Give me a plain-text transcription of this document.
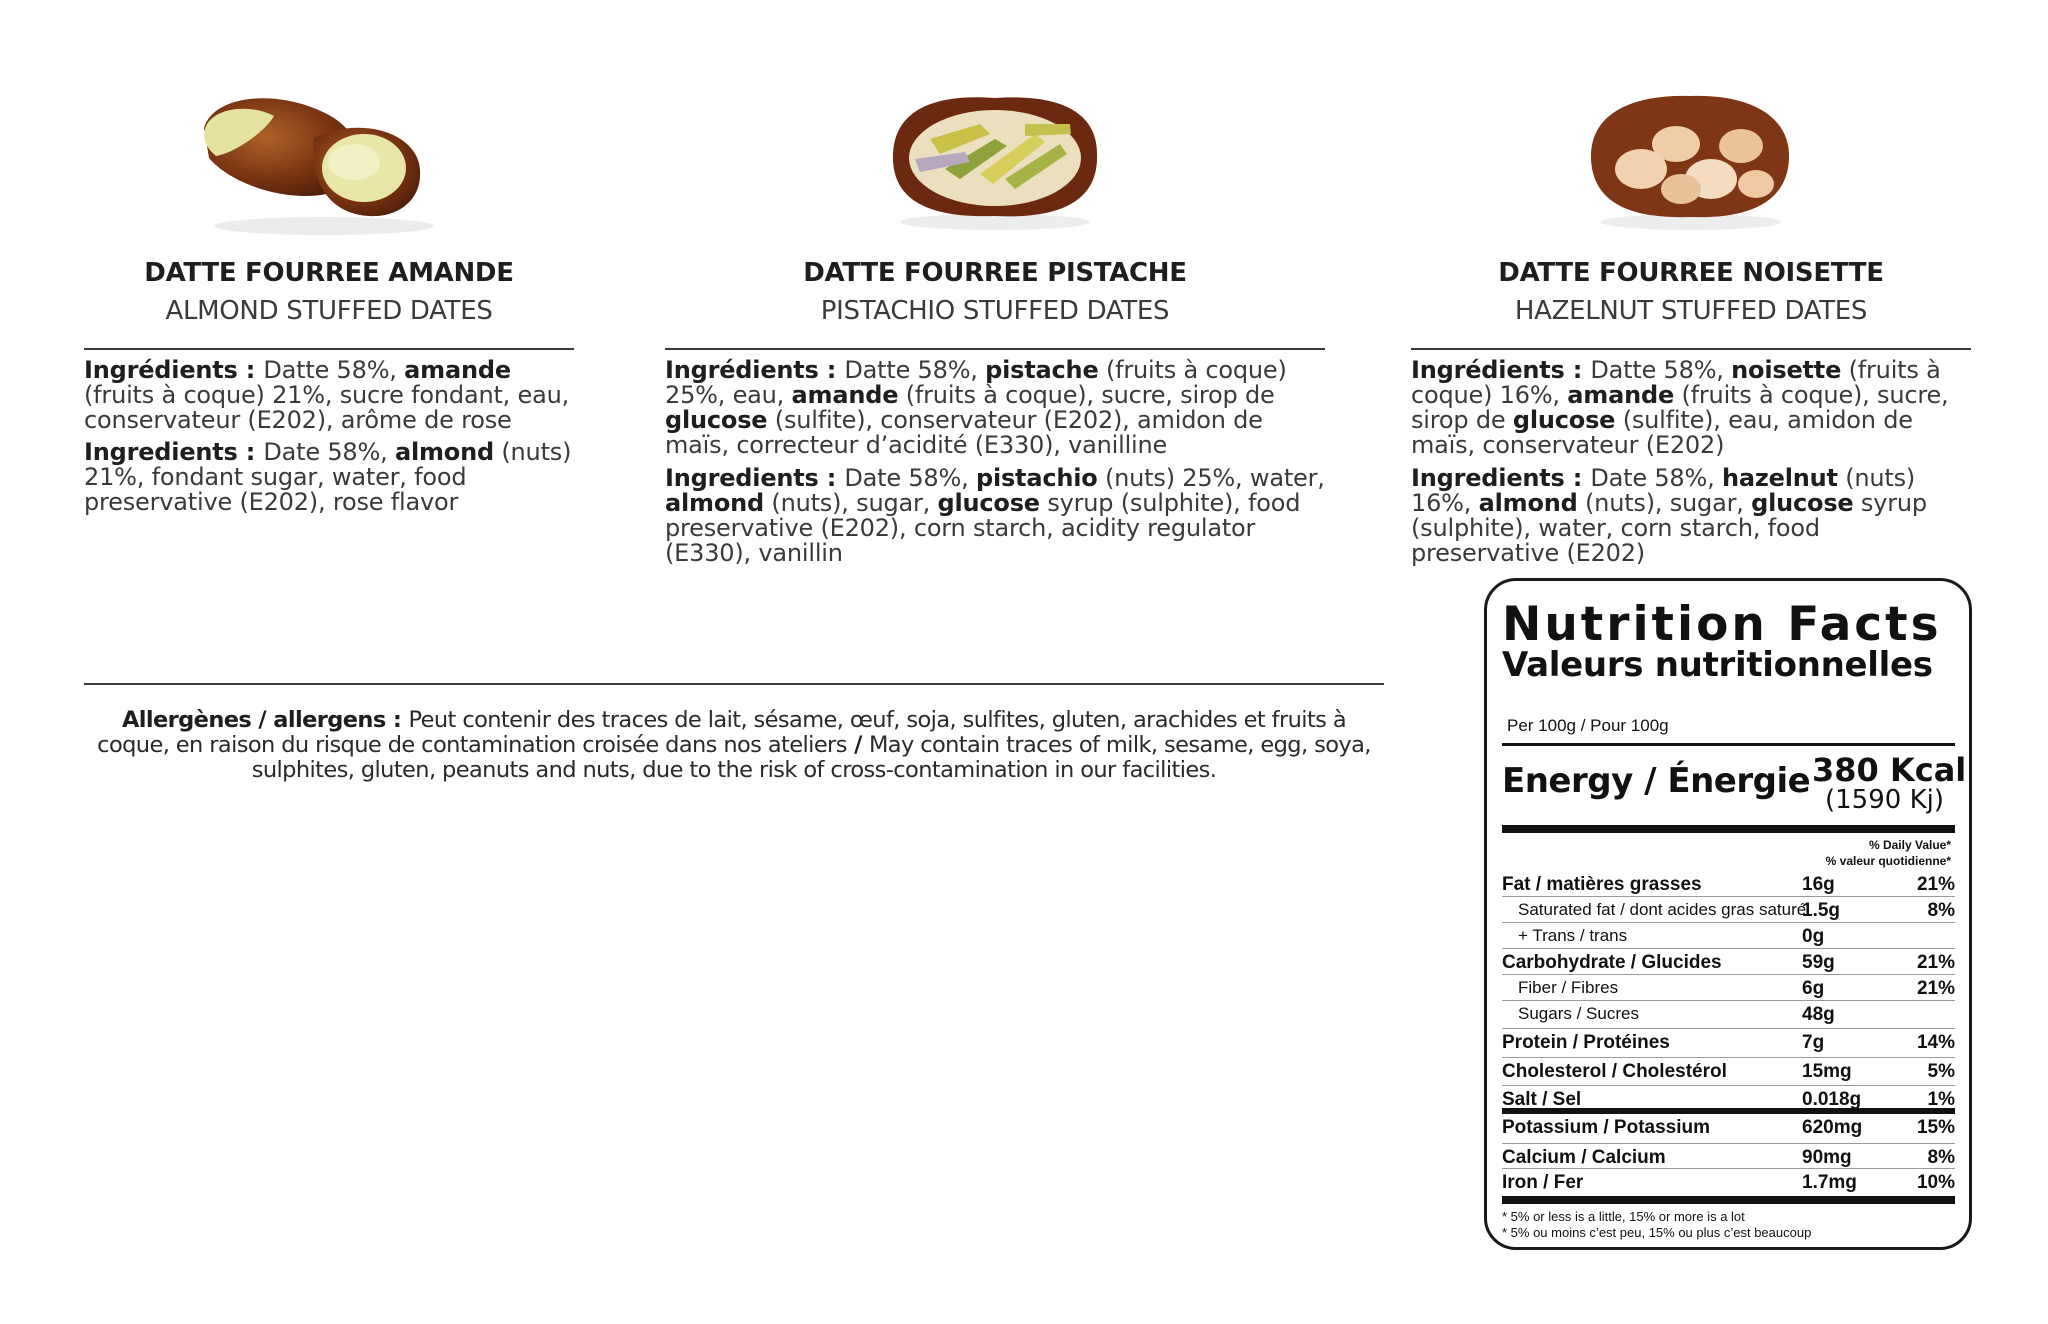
DATTE FOURREE AMANDE
ALMOND STUFFED DATES
Ingrédients : Datte 58%, amande (fruits à coque) 21%, sucre fondant, eau, conservateur (E202), arôme de rose
Ingredients : Date 58%, almond (nuts) 21%, fondant sugar, water, food preservative (E202), rose flavor
DATTE FOURREE PISTACHE
PISTACHIO STUFFED DATES
Ingrédients : Datte 58%, pistache (fruits à coque) 25%, eau, amande (fruits à coque), sucre, sirop de glucose (sulfite), conservateur (E202), amidon de maïs, correcteur d’acidité (E330), vanilline
Ingredients : Date 58%, pistachio (nuts) 25%, water, almond (nuts), sugar, glucose syrup (sulphite), food preservative (E202), corn starch, acidity regulator (E330), vanillin
DATTE FOURREE NOISETTE
HAZELNUT STUFFED DATES
Ingrédients : Datte 58%, noisette (fruits à coque) 16%, amande (fruits à coque), sucre, sirop de glucose (sulfite), eau, amidon de maïs, conservateur (E202)
Ingredients : Date 58%, hazelnut (nuts) 16%, almond (nuts), sugar, glucose syrup (sulphite), water, corn starch, food preservative (E202)
Allergènes / allergens : Peut contenir des traces de lait, sésame, œuf, soja, sulfites, gluten, arachides et fruits à coque, en raison du risque de contamination croisée dans nos ateliers / May contain traces of milk, sesame, egg, soya, sulphites, gluten, peanuts and nuts, due to the risk of cross-contamination in our facilities.
Nutrition Facts
Valeurs nutritionnelles
Per 100g / Pour 100g
Energy / Énergie 380 Kcal
(1590 Kj)
% Daily Value*
% valeur quotidienne*
Fat / matières grasses	16g	21%
Saturated fat / dont acides gras saturé
1.5g	8%
+ Trans / trans	0g
Carbohydrate / Glucides	59g	21%
Fiber / Fibres	6g	21%
Sugars / Sucres	48g
Protein / Protéines	7g	14%
Cholesterol / Cholestérol	15mg	5%
Salt / Sel	0.018g	1%
Potassium / Potassium	620mg	15%
Calcium / Calcium	90mg	8%
Iron / Fer	1.7mg	10%
* 5% or less is a little, 15% or more is a lot
* 5% ou moins c’est peu, 15% ou plus c’est beaucoup
